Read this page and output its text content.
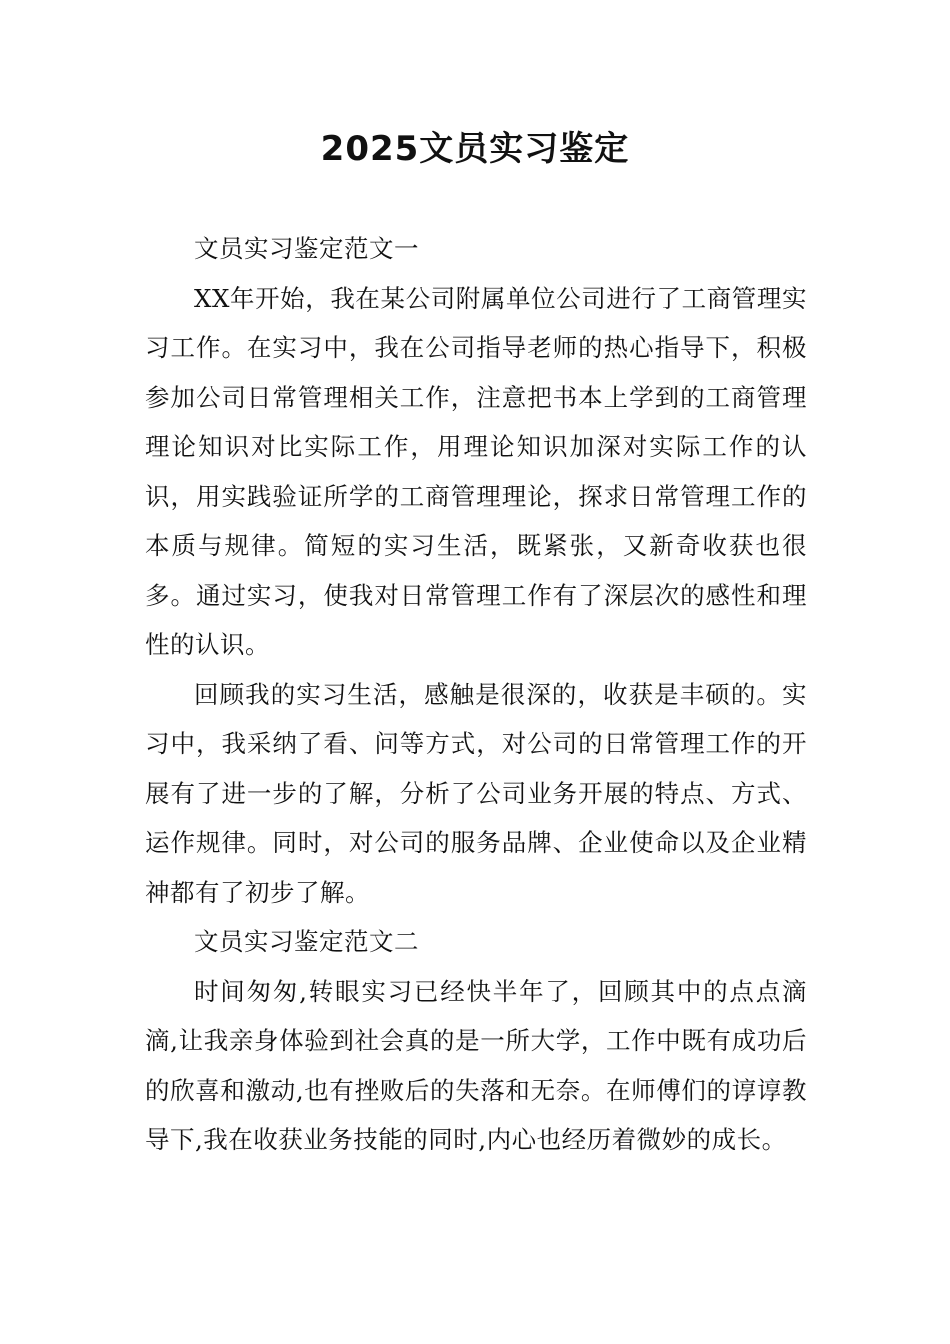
2025文员实习鉴定

文员实习鉴定范文一

XX年开始，我在某公司附属单位公司进行了工商管理实习工作。在实习中，我在公司指导老师的热心指导下，积极参加公司日常管理相关工作，注意把书本上学到的工商管理理论知识对比实际工作，用理论知识加深对实际工作的认识，用实践验证所学的工商管理理论，探求日常管理工作的本质与规律。简短的实习生活，既紧张，又新奇收获也很多。通过实习，使我对日常管理工作有了深层次的感性和理性的认识。

回顾我的实习生活，感触是很深的，收获是丰硕的。实习中，我采纳了看、问等方式，对公司的日常管理工作的开展有了进一步的了解，分析了公司业务开展的特点、方式、运作规律。同时，对公司的服务品牌、企业使命以及企业精神都有了初步了解。

文员实习鉴定范文二

时间匆匆,转眼实习已经快半年了，回顾其中的点点滴滴,让我亲身体验到社会真的是一所大学，工作中既有成功后的欣喜和激动,也有挫败后的失落和无奈。在师傅们的谆谆教导下,我在收获业务技能的同时,内心也经历着微妙的成长。
